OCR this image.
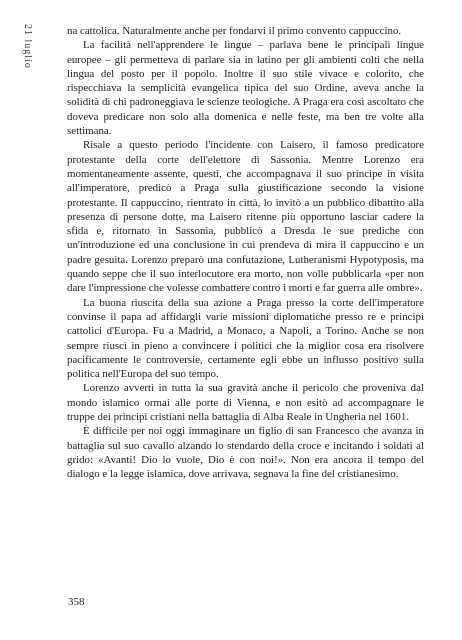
21 luglio	na cattolica. Naturalmente anche per fondarvi il primo convento cappuccino.

La facilità nell'apprendere le lingue – parlava bene le principali lingue europee – gli permetteva di parlare sia in latino per gli ambienti colti che nella lingua del posto per il popolo. Inoltre il suo stile vivace e colorito, che rispecchiava la semplicità evangelica tipica del suo Ordine, aveva anche la solidità di chi padroneggiava le scienze teologiche. A Praga era così ascoltato che doveva predicare non solo alla domenica e nelle feste, ma ben tre volte alla settimana.

Risale a questo periodo l'incidente con Laisero, il famoso predicatore protestante della corte dell'elettore di Sassonia. Mentre Lorenzo era momentaneamente assente, questi, che accompagnava il suo principe in visita all'imperatore, predicò a Praga sulla giustificazione secondo la visione protestante. Il cappuccino, rientrato in città, lo invitò a un pubblico dibattito alla presenza di persone dotte, ma Laisero ritenne più opportuno lasciar cadere la sfida e, ritornato in Sassonia, pubblicò a Dresda le sue prediche con un'introduzione ed una conclusione in cui prendeva di mira il cappuccino e un padre gesuita. Lorenzo preparò una confutazione, Lutheranismi Hypotyposis, ma quando seppe che il suo interlocutore era morto, non volle pubblicarla «per non dare l'impressione che volesse combattere contro i morti e far guerra alle ombre».

La buona riuscita della sua azione a Praga presso la corte dell'imperatore convinse il papa ad affidargli varie missioni diplomatiche presso re e principi cattolici d'Europa. Fu a Madrid, a Monaco, a Napoli, a Torino. Anche se non sempre riuscì in pieno a convincere i politici che la miglior cosa era risolvere pacificamente le controversie, certamente egli ebbe un influsso positivo sulla politica nell'Europa del suo tempo.

Lorenzo avvertì in tutta la sua gravità anche il pericolo che proveniva dal mondo islamico ormai alle porte di Vienna, e non esitò ad accompagnare le truppe dei principi cristiani nella battaglia di Alba Reale in Ungheria nel 1601.

È difficile per noi oggi immaginare un figlio di san Francesco che avanza in battaglia sul suo cavallo alzando lo stendardo della croce e incitando i soldati al grido: «Avanti! Dio lo vuole, Dio è con noi!». Non era ancora il tempo del dialogo e la legge islamica, dove arrivava, segnava la fine del cristianesimo.

358
